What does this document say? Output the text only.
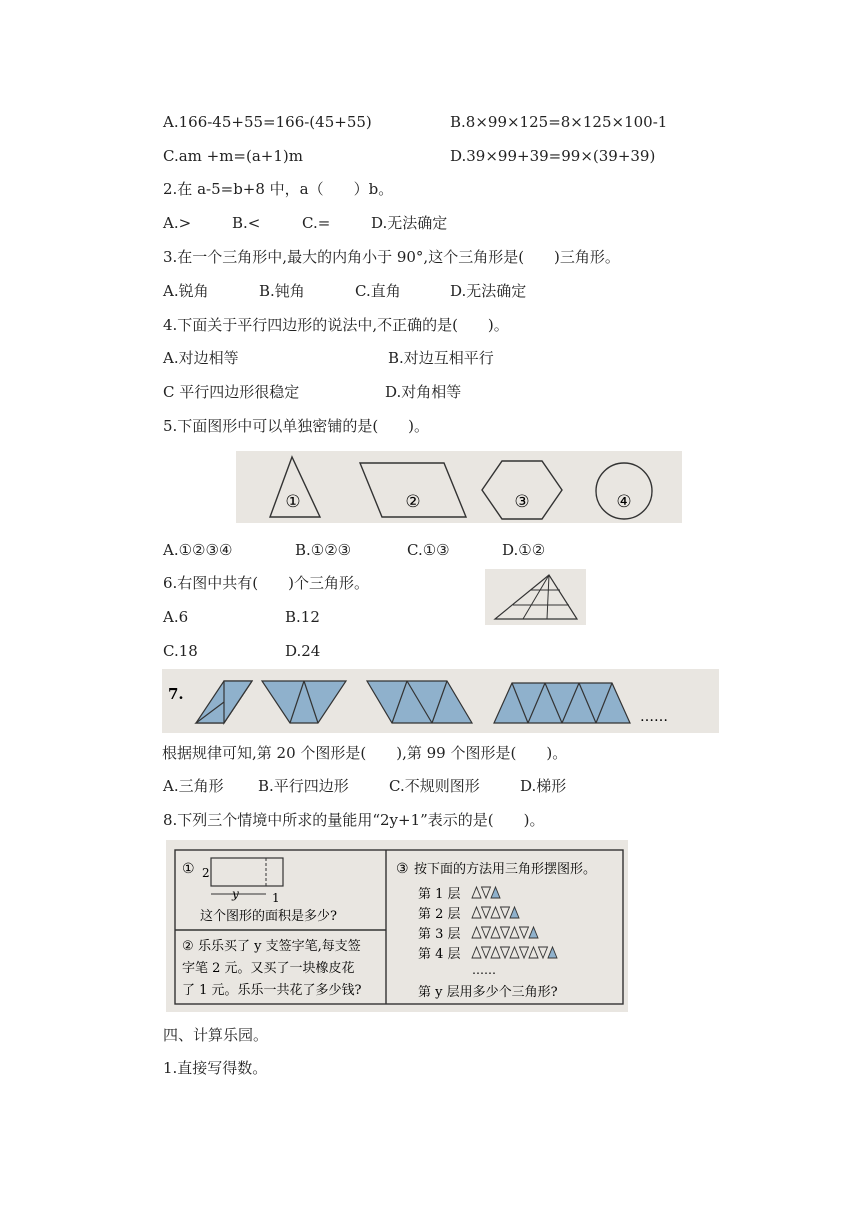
A.166-45+55=166-(45+55)	B.8×99×125=8×125×100-1
C.am +m=(a+1)m	D.39×99+39=99×(39+39)
2.在 a-5=b+8 中，a（　　）b。
A.>	B.<	C.=	D.无法确定
3.在一个三角形中,最大的内角小于 90°,这个三角形是(　　)三角形。
A.锐角	B.钝角	C.直角	D.无法确定
4.下面关于平行四边形的说法中,不正确的是(　　)。
A.对边相等	B.对边互相平行
C 平行四边形很稳定	D.对角相等
5.下面图形中可以单独密铺的是(　　)。
①	②	③	④
A.①②③④	B.①②③	C.①③	D.①②
6.右图中共有(　　)个三角形。
A.6	B.12
C.18	D.24
7.
……
根据规律可知,第 20 个图形是(　　),第 99 个图形是(　　)。
A.三角形 B.平行四边形	C.不规则图形	D.梯形
8.下列三个情境中所求的量能用“2y+1”表示的是(　　)。
① 2
y	1
这个图形的面积是多少?
② 乐乐买了 y 支签字笔,每支签
字笔 2 元。又买了一块橡皮花
了 1 元。乐乐一共花了多少钱?
③ 按下面的方法用三角形摆图形。
第 1 层
第 2 层
第 3 层
第 4 层
……
第 y 层用多少个三角形?
四、计算乐园。
1.直接写得数。
